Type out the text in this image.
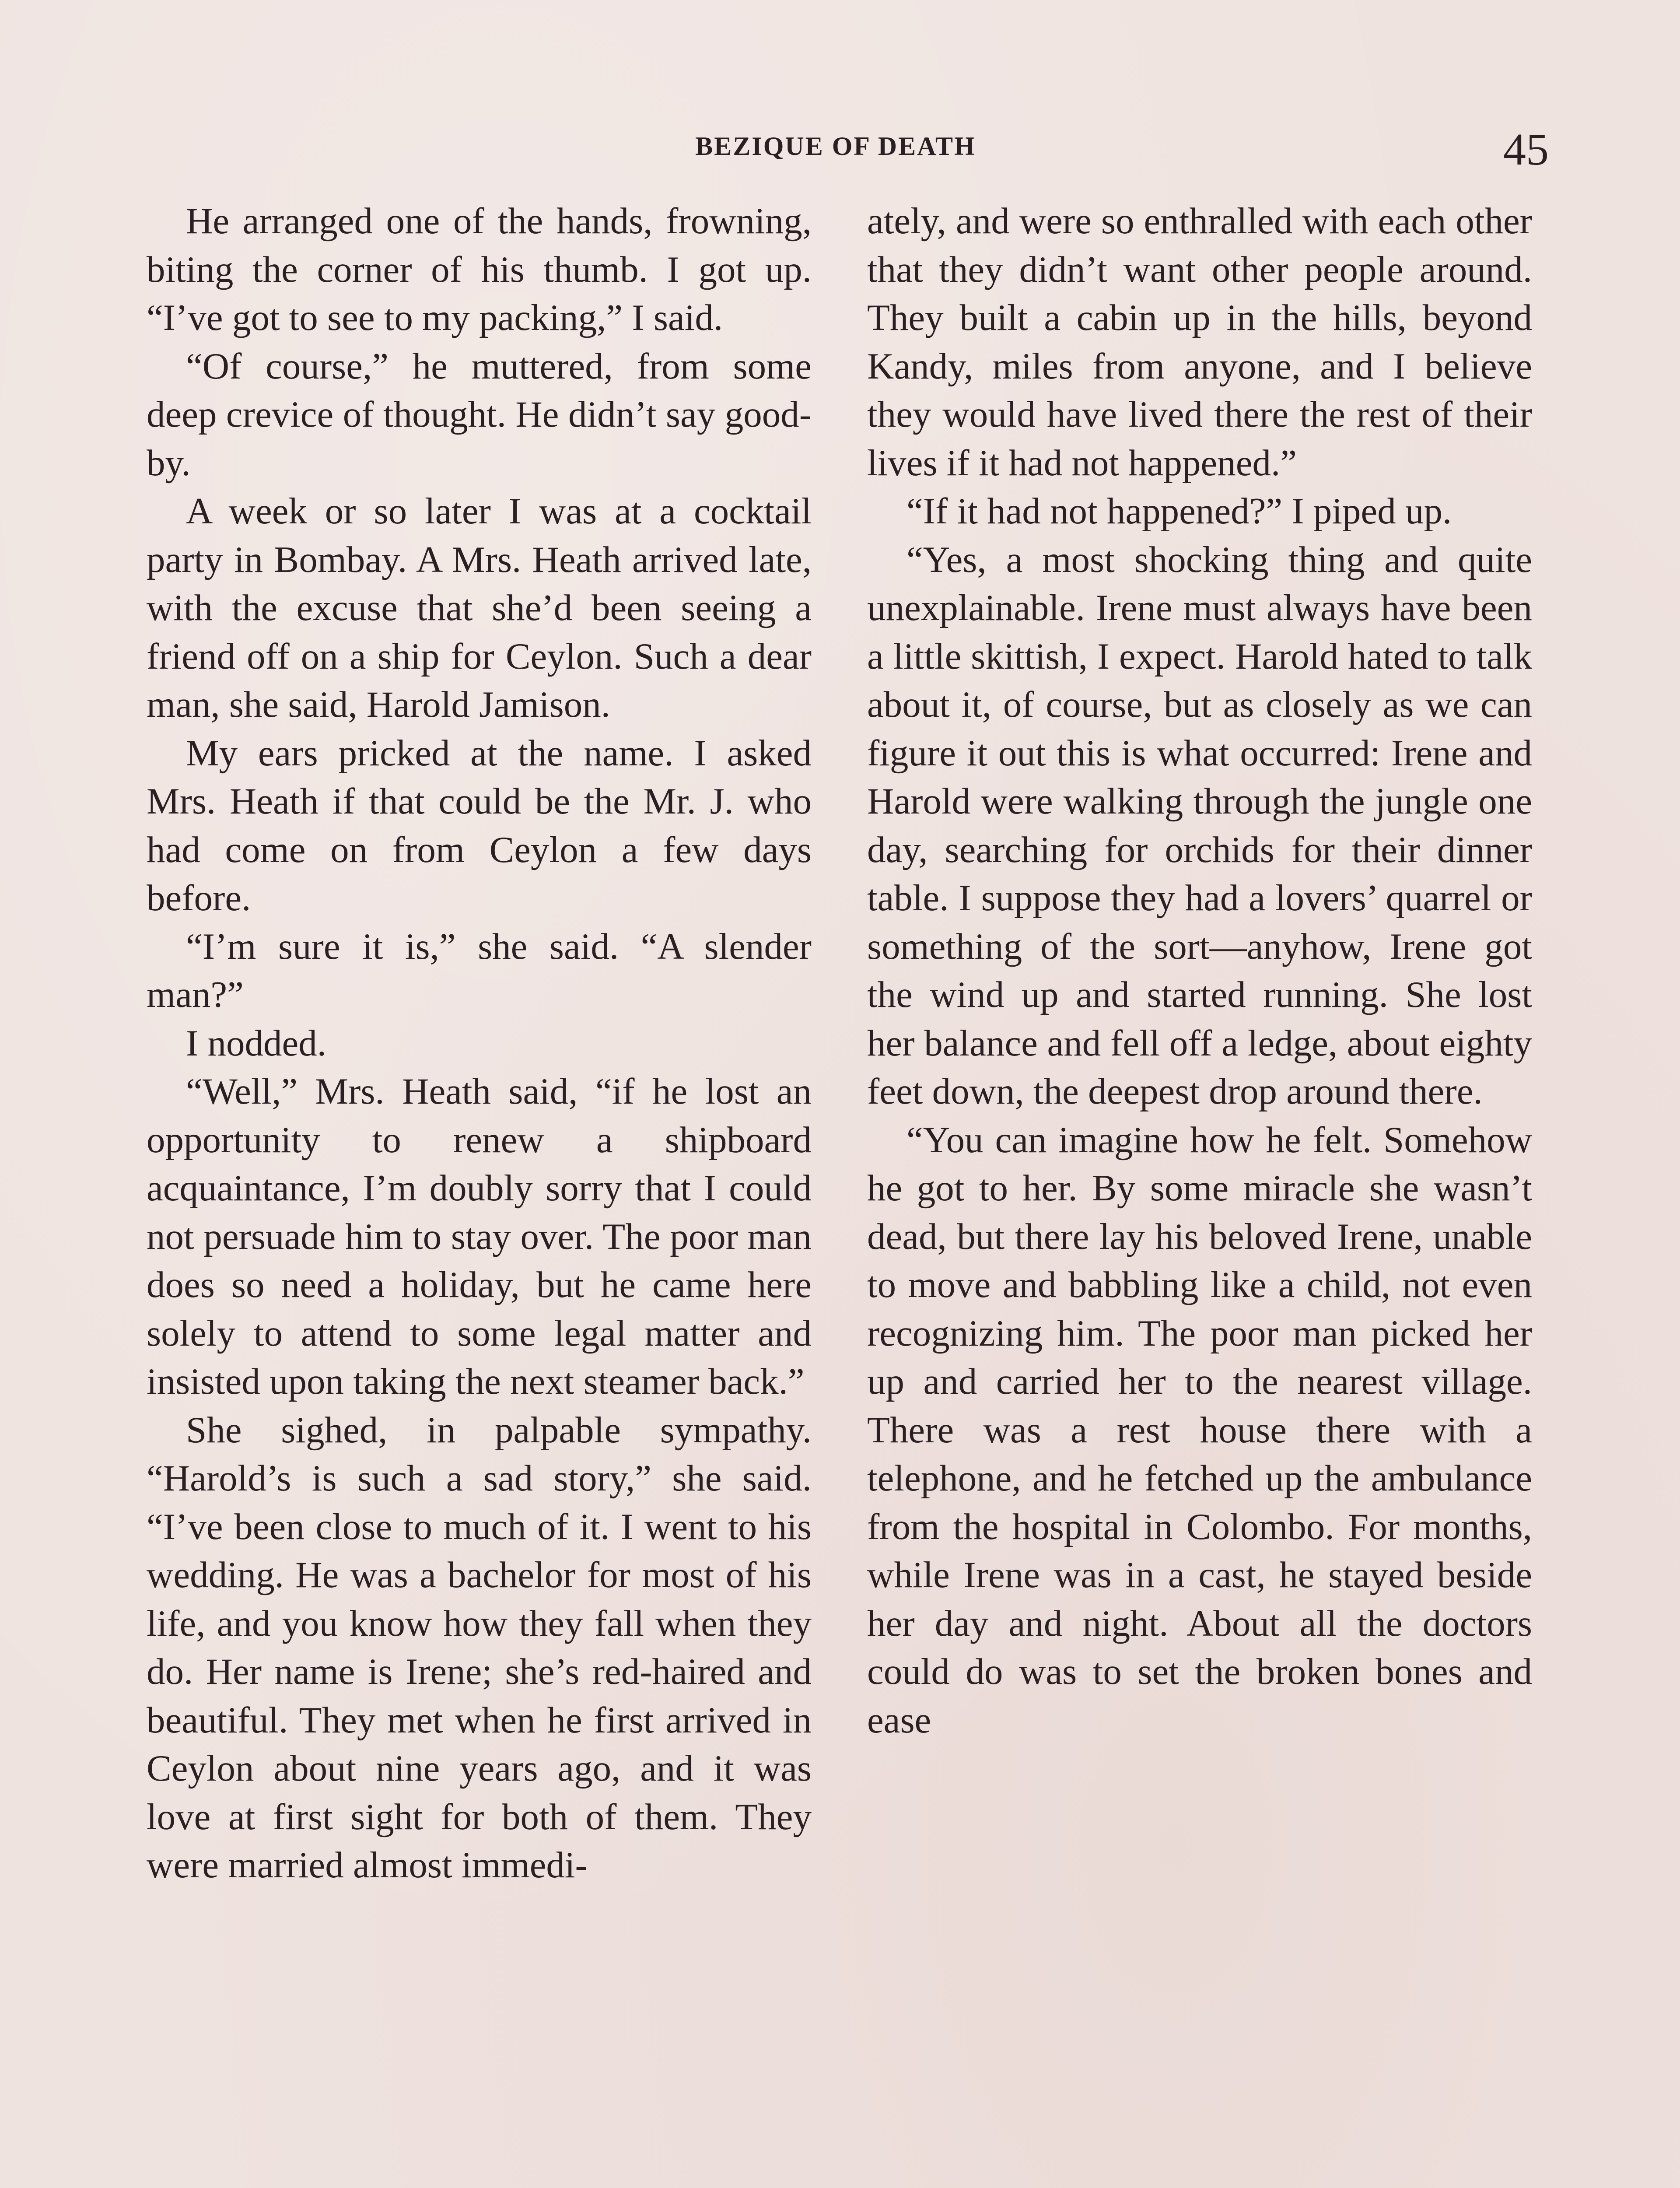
BEZIQUE OF DEATH	45

He arranged one of the hands, frowning, biting the corner of his thumb. I got up. “I’ve got to see to my packing,” I said.

“Of course,” he muttered, from some deep crevice of thought. He didn’t say good-by.

A week or so later I was at a cocktail party in Bombay. A Mrs. Heath arrived late, with the excuse that she’d been seeing a friend off on a ship for Ceylon. Such a dear man, she said, Harold Jamison.

My ears pricked at the name. I asked Mrs. Heath if that could be the Mr. J. who had come on from Ceylon a few days before.

“I’m sure it is,” she said. “A slender man?”

I nodded.

“Well,” Mrs. Heath said, “if he lost an opportunity to renew a shipboard acquaintance, I’m doubly sorry that I could not persuade him to stay over. The poor man does so need a holiday, but he came here solely to attend to some legal matter and insisted upon taking the next steamer back.”

She sighed, in palpable sympathy. “Harold’s is such a sad story,” she said. “I’ve been close to much of it. I went to his wedding. He was a bachelor for most of his life, and you know how they fall when they do. Her name is Irene; she’s red-haired and beautiful. They met when he first arrived in Ceylon about nine years ago, and it was love at first sight for both of them. They were married almost immedi-

ately, and were so enthralled with each other that they didn’t want other people around. They built a cabin up in the hills, beyond Kandy, miles from anyone, and I believe they would have lived there the rest of their lives if it had not happened.”

“If it had not happened?” I piped up.

“Yes, a most shocking thing and quite unexplainable. Irene must always have been a little skittish, I expect. Harold hated to talk about it, of course, but as closely as we can figure it out this is what occurred: Irene and Harold were walking through the jungle one day, searching for orchids for their dinner table. I suppose they had a lovers’ quarrel or something of the sort—anyhow, Irene got the wind up and started running. She lost her balance and fell off a ledge, about eighty feet down, the deepest drop around there.

“You can imagine how he felt. Somehow he got to her. By some miracle she wasn’t dead, but there lay his beloved Irene, unable to move and babbling like a child, not even recognizing him. The poor man picked her up and carried her to the nearest village. There was a rest house there with a telephone, and he fetched up the ambulance from the hospital in Colombo. For months, while Irene was in a cast, he stayed beside her day and night. About all the doctors could do was to set the broken bones and ease
